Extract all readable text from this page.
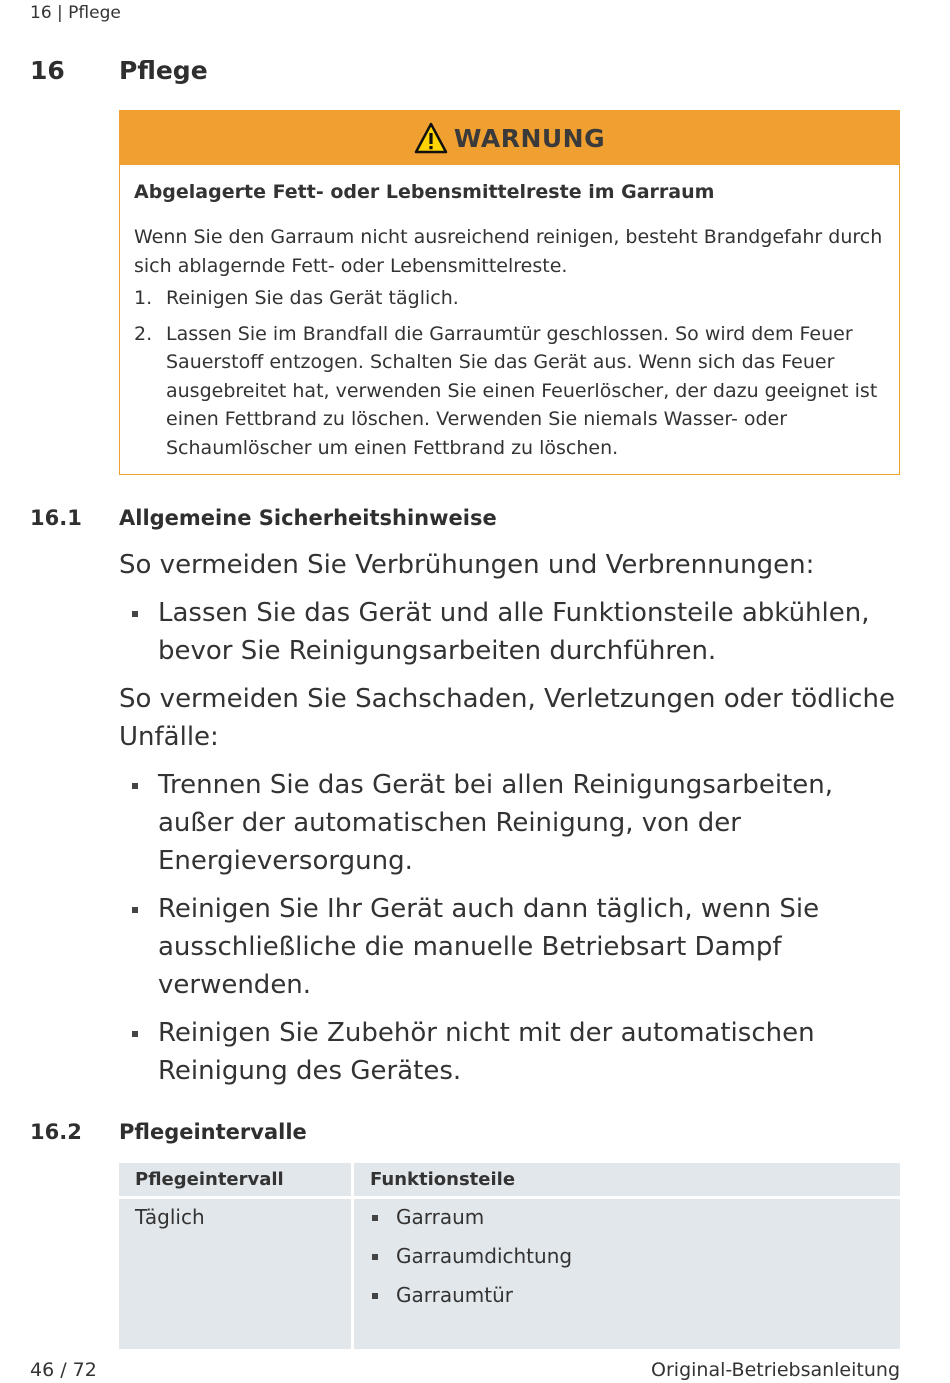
16 | Pflege
16 Pflege
WARNUNG
Abgelagerte Fett- oder Lebensmittelreste im Garraum
Wenn Sie den Garraum nicht ausreichend reinigen, besteht Brandgefahr durch sich ablagernde Fett- oder Lebensmittelreste.
1. Reinigen Sie das Gerät täglich.
2. Lassen Sie im Brandfall die Garraumtür geschlossen. So wird dem Feuer Sauerstoff entzogen. Schalten Sie das Gerät aus. Wenn sich das Feuer ausgebreitet hat, verwenden Sie einen Feuerlöscher, der dazu geeignet ist einen Fettbrand zu löschen. Verwenden Sie niemals Wasser- oder Schaumlöscher um einen Fettbrand zu löschen.
16.1 Allgemeine Sicherheitshinweise
So vermeiden Sie Verbrühungen und Verbrennungen:
Lassen Sie das Gerät und alle Funktionsteile abkühlen, bevor Sie Reinigungsarbeiten durchführen.
So vermeiden Sie Sachschaden, Verletzungen oder tödliche Unfälle:
Trennen Sie das Gerät bei allen Reinigungsarbeiten, außer der automatischen Reinigung, von der Energieversorgung.
Reinigen Sie Ihr Gerät auch dann täglich, wenn Sie ausschließliche die manuelle Betriebsart Dampf verwenden.
Reinigen Sie Zubehör nicht mit der automatischen Reinigung des Gerätes.
16.2 Pflegeintervalle
Pflegeintervall	Funktionsteile
Täglich	Garraum
Garraumdichtung
Garraumtür
46 / 72	Original-Betriebsanleitung
